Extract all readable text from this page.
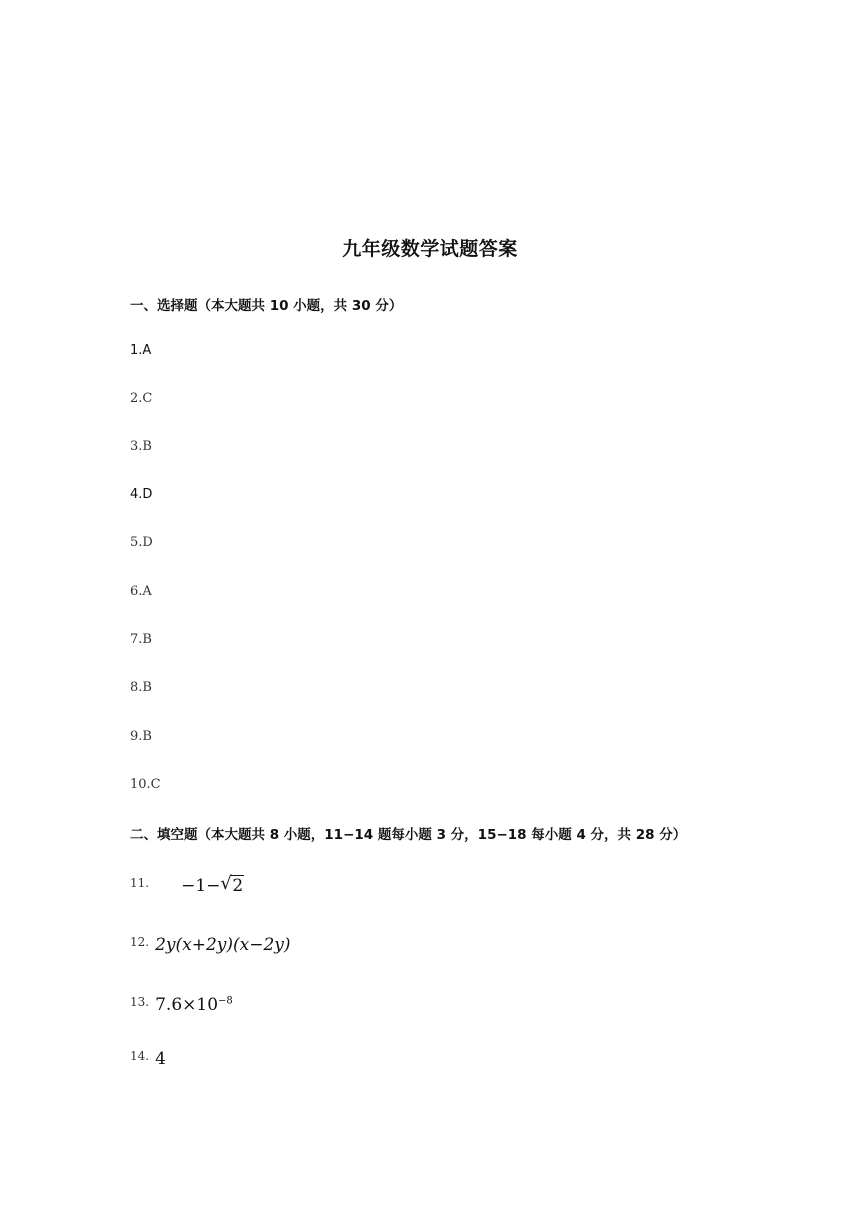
九年级数学试题答案
一、选择题（本大题共 10 小题，共 30 分）
1.A
2.C
3.B
4.D
5.D
6.A
7.B
8.B
9.B
10.C
二、填空题（本大题共 8 小题，11−14 题每小题 3 分，15−18 每小题 4 分，共 28 分）
$^{11.}$ −1− √ 2
$^{12.}$ 2y(x+2y)(x−2y)
$^{13.}$ $7.6\times 10^{-8}$
$^{14.}$ 4
